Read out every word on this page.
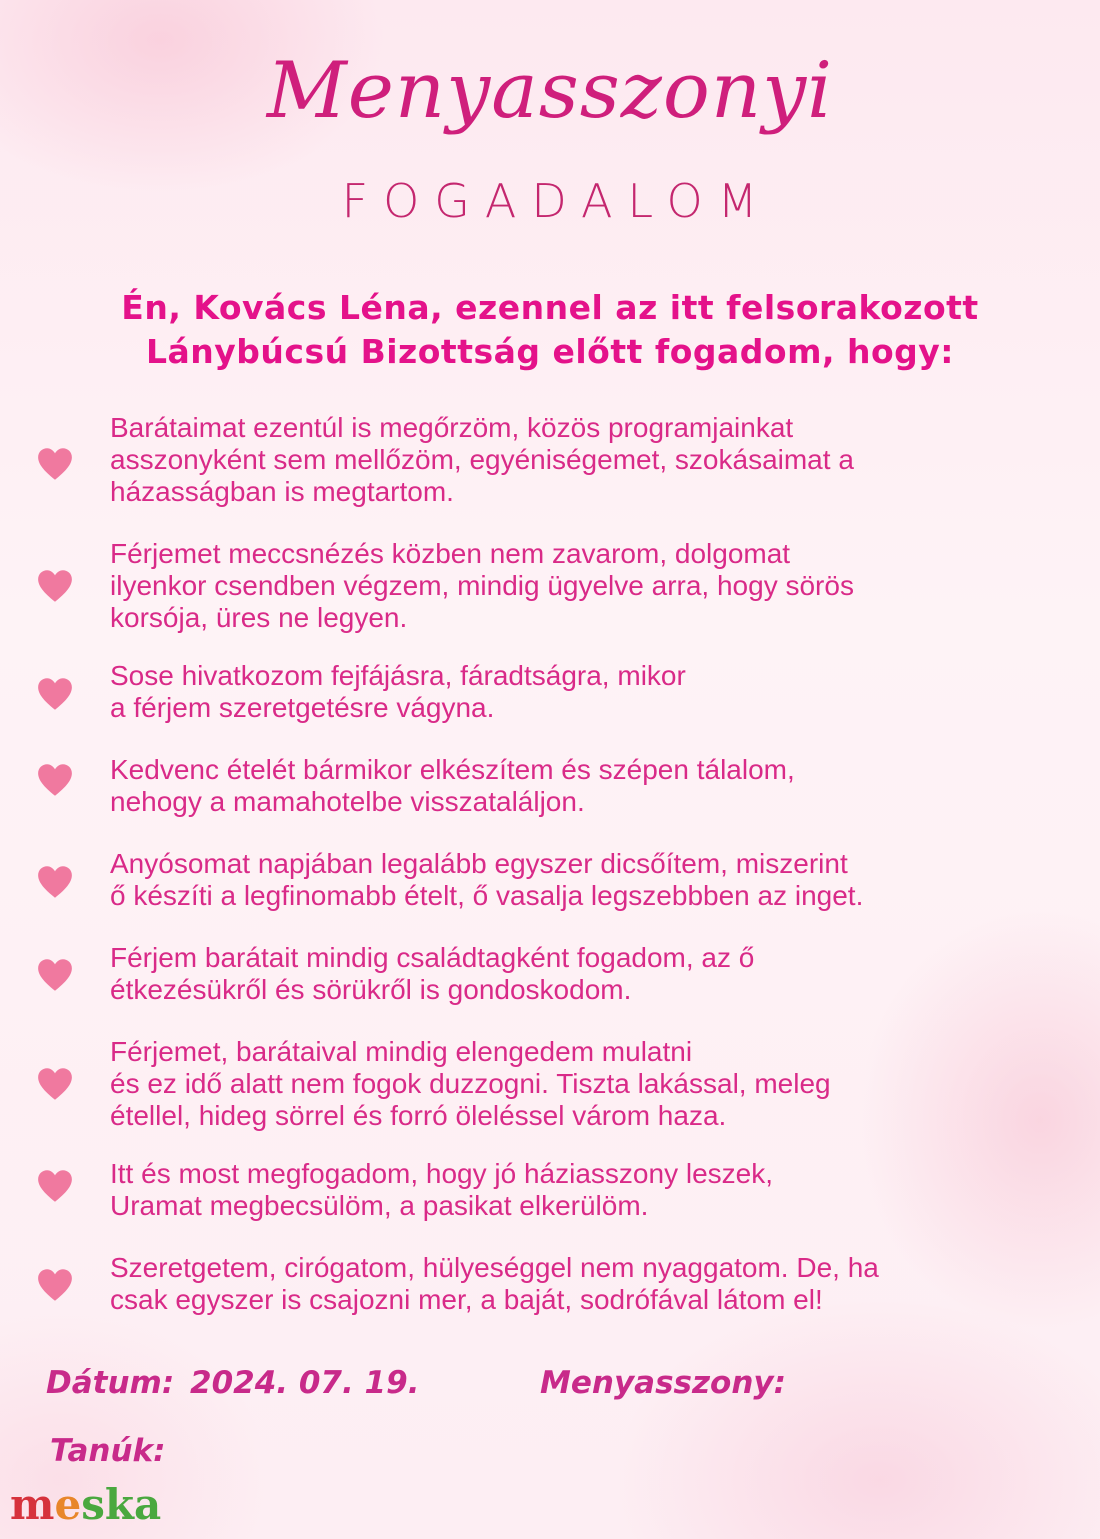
Menyasszonyi
FOGADALOM
Én, Kovács Léna, ezennel az itt felsorakozott
Lánybúcsú Bizottság előtt fogadom, hogy:
Barátaimat ezentúl is megőrzöm, közös programjainkat
asszonyként sem mellőzöm, egyéniségemet, szokásaimat a
házasságban is megtartom.
Férjemet meccsnézés közben nem zavarom, dolgomat
ilyenkor csendben végzem, mindig ügyelve arra, hogy sörös
korsója, üres ne legyen.
Sose hivatkozom fejfájásra, fáradtságra, mikor
a férjem szeretgetésre vágyna.
Kedvenc ételét bármikor elkészítem és szépen tálalom,
nehogy a mamahotelbe visszataláljon.
Anyósomat napjában legalább egyszer dicsőítem, miszerint
ő készíti a legfinomabb ételt, ő vasalja legszebbben az inget.
Férjem barátait mindig családtagként fogadom, az ő
étkezésükről és sörükről is gondoskodom.
Férjemet, barátaival mindig elengedem mulatni
és ez idő alatt nem fogok duzzogni. Tiszta lakással, meleg
étellel, hideg sörrel és forró öleléssel várom haza.
Itt és most megfogadom, hogy jó háziasszony leszek,
Uramat megbecsülöm, a pasikat elkerülöm.
Szeretgetem, cirógatom, hülyeséggel nem nyaggatom. De, ha
csak egyszer is csajozni mer, a baját, sodrófával látom el!
Dátum: 2024. 07. 19.	Menyasszony:
Tanúk:
meska
